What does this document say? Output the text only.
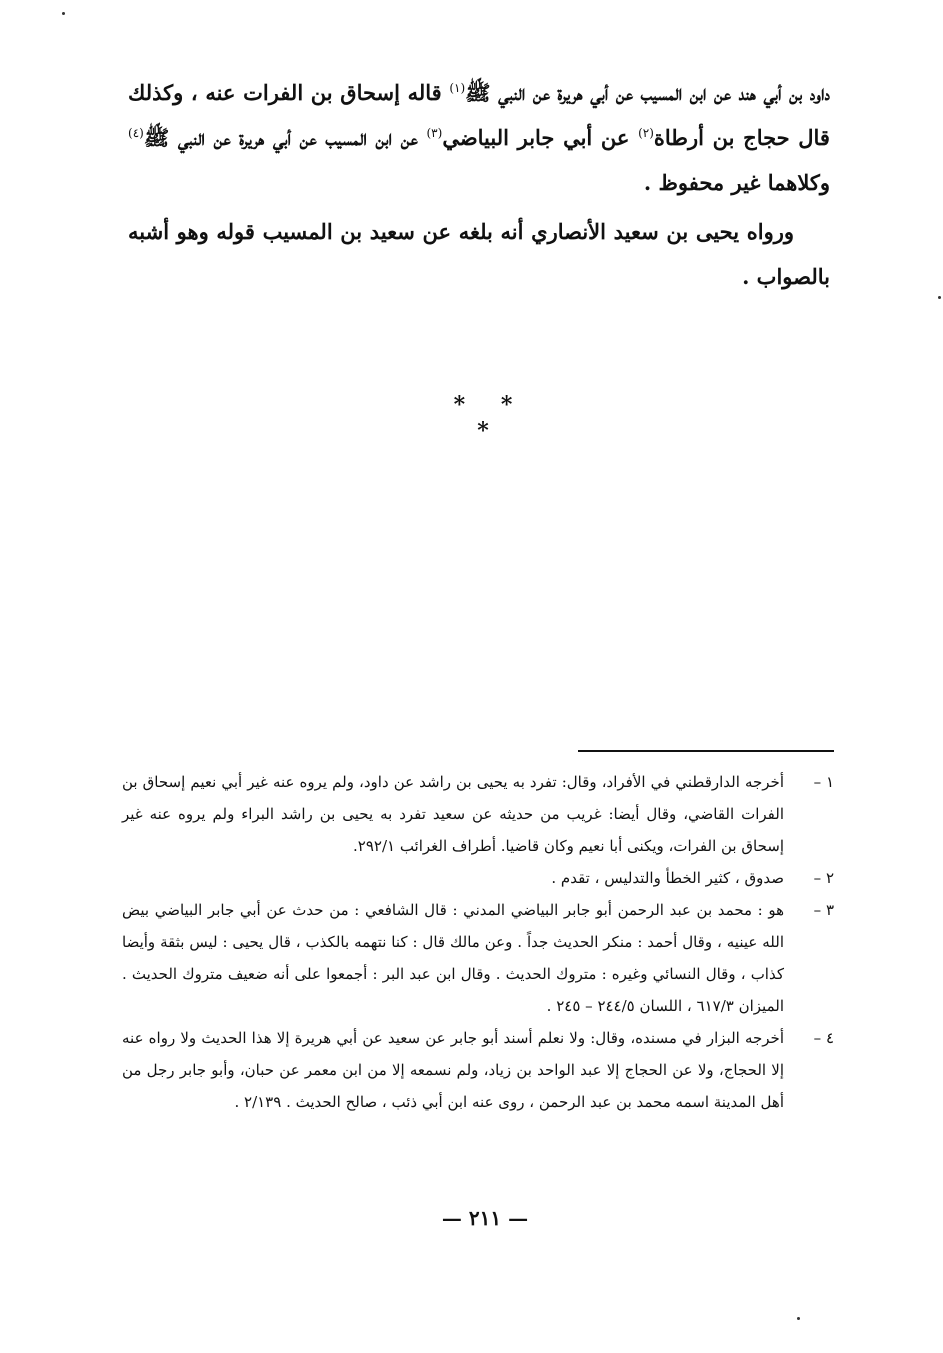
داود بن أبي هند عن ابن المسيب عن أبي هريرة عن النبي ﷺ$^{(١)}$ قاله إسحاق بن الفرات عنه ، وكذلك قال حجاج بن أرطاة$^{(٢)}$ عن أبي جابر البياضي$^{(٣)}$ عن ابن المسيب عن أبي هريرة عن النبي ﷺ$^{(٤)}$ وكلاهما غير محفوظ .

ورواه يحيى بن سعيد الأنصاري أنه بلغه عن سعيد بن المسيب قوله وهو أشبه بالصواب .

* * *
١ –
أخرجه الدارقطني في الأفراد، وقال: تفرد به يحيى بن راشد عن داود، ولم يروه عنه غير أبي نعيم إسحاق بن الفرات القاضي، وقال أيضا: غريب من حديثه عن سعيد تفرد به يحيى بن راشد البراء ولم يروه عنه غير إسحاق بن الفرات، ويكنى أبا نعيم وكان قاضيا. أطراف الغرائب ٢٩٢/١.
٢ –
صدوق ، كثير الخطأ والتدليس ، تقدم .
٣ –
هو : محمد بن عبد الرحمن أبو جابر البياضي المدني : قال الشافعي : من حدث عن أبي جابر البياضي بيض الله عينيه ، وقال أحمد : منكر الحديث جداً . وعن مالك قال : كنا نتهمه بالكذب ، قال يحيى : ليس بثقة وأيضا كذاب ، وقال النسائي وغيره : متروك الحديث . وقال ابن عبد البر : أجمعوا على أنه ضعيف متروك الحديث . الميزان ٦١٧/٣ ، اللسان ٢٤٤/٥ – ٢٤٥ .
٤ –
أخرجه البزار في مسنده، وقال: ولا نعلم أسند أبو جابر عن سعيد عن أبي هريرة إلا هذا الحديث ولا رواه عنه إلا الحجاج، ولا عن الحجاج إلا عبد الواحد بن زياد، ولم نسمعه إلا من ابن معمر عن حبان، وأبو جابر رجل من أهل المدينة اسمه محمد بن عبد الرحمن ، روى عنه ابن أبي ذئب ، صالح الحديث . ٢/١٣٩ .
— ٢١١ —
